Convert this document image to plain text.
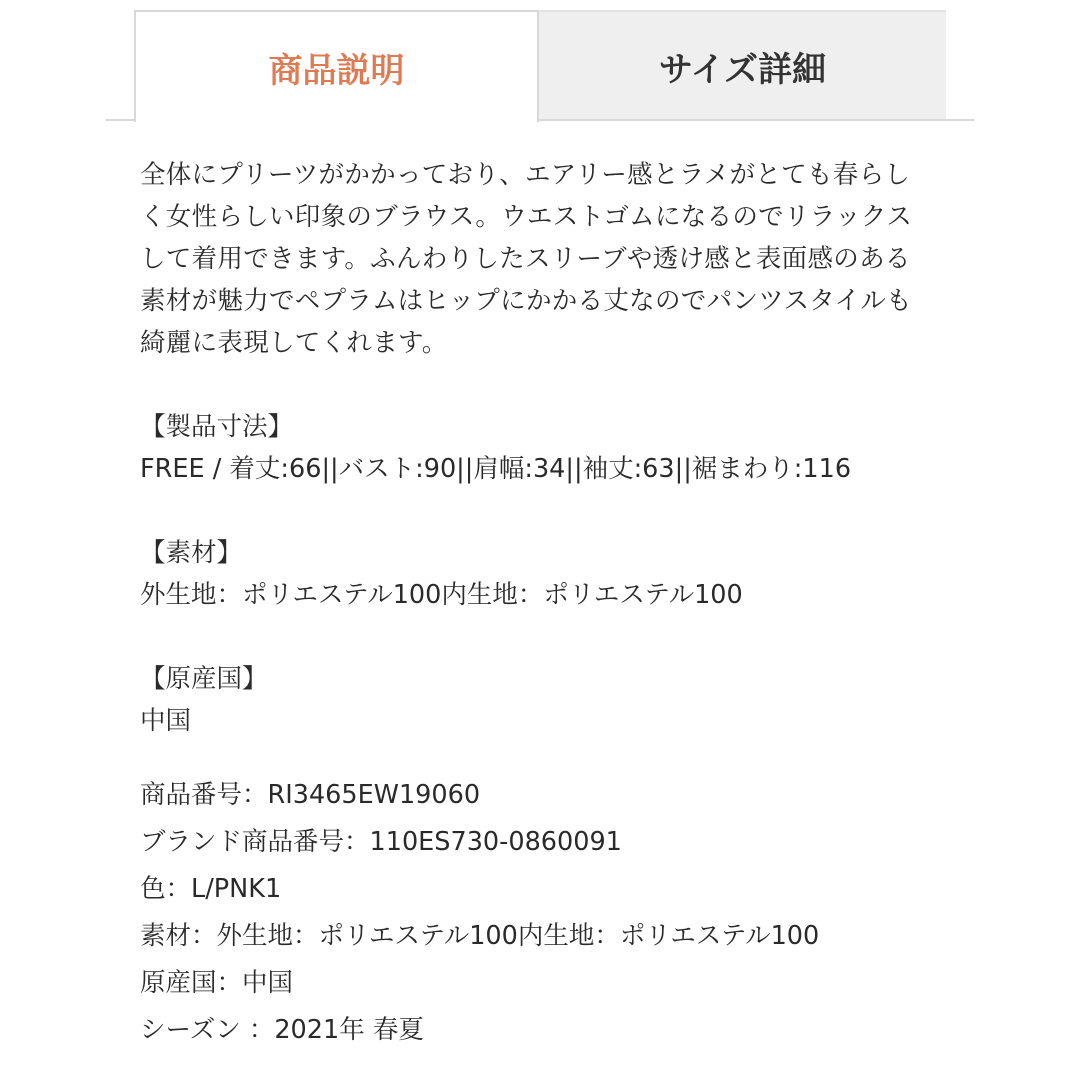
商品説明	サイズ詳細

全体にプリーツがかかっており、エアリー感とラメがとても春らし

く女性らしい印象のブラウス。ウエストゴムになるのでリラックス

して着用できます。ふんわりしたスリーブや透け感と表面感のある

素材が魅力でペプラムはヒップにかかる丈なのでパンツスタイルも

綺麗に表現してくれます。

【製品寸法】

FREE / 着丈:66||バスト:90||肩幅:34||袖丈:63||裾まわり:116

【素材】

外生地：ポリエステル100内生地：ポリエステル100

【原産国】

中国

商品番号：RI3465EW19060

ブランド商品番号：110ES730-0860091

色：L/PNK1

素材：外生地：ポリエステル100内生地：ポリエステル100

原産国：中国

シーズン ：2021年 春夏
